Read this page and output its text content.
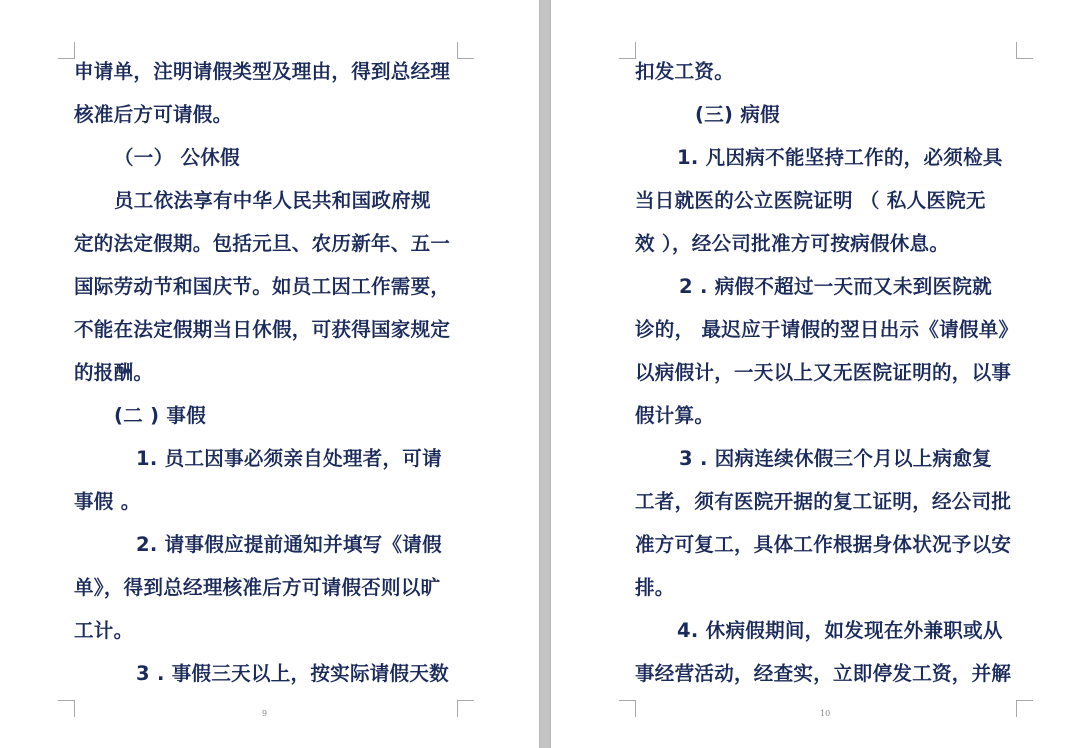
申请单，注明请假类型及理由，得到总经理
核准后方可请假。
（一） 公休假
员工依法享有中华人民共和国政府规
定的法定假期。包括元旦、农历新年、五一
国际劳动节和国庆节。如员工因工作需要，
不能在法定假期当日休假，可获得国家规定
的报酬。
(二 ) 事假
1. 员工因事必须亲自处理者，可请
事假 。
2. 请事假应提前通知并填写《请假
单》，得到总经理核准后方可请假否则以旷
工计。
3 . 事假三天以上，按实际请假天数
9
扣发工资。
(三) 病假
1. 凡因病不能坚持工作的，必须检具
当日就医的公立医院证明 （ 私人医院无
效 ），经公司批准方可按病假休息。
2 . 病假不超过一天而又未到医院就
诊的， 最迟应于请假的翌日出示《请假单》
以病假计，一天以上又无医院证明的，以事
假计算。
3 . 因病连续休假三个月以上病愈复
工者，须有医院开据的复工证明，经公司批
准方可复工，具体工作根据身体状况予以安
排。
4. 休病假期间，如发现在外兼职或从
事经营活动，经查实，立即停发工资，并解
10
